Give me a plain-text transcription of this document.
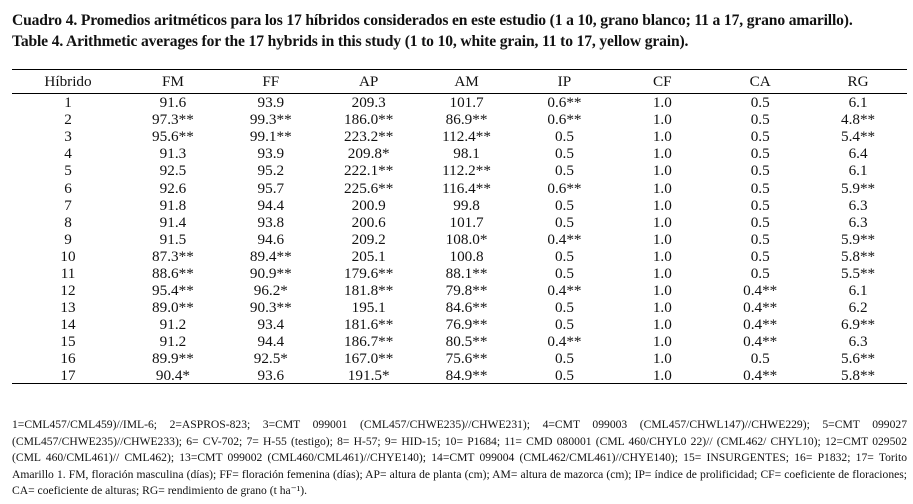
Cuadro 4. Promedios aritméticos para los 17 híbridos considerados en este estudio (1 a 10, grano blanco; 11 a 17, grano amarillo).
Table 4. Arithmetic averages for the 17 hybrids in this study (1 to 10, white grain, 11 to 17, yellow grain).
Híbrido	FM	FF	AP	AM	IP	CF	CA	RG
1	91.6	93.9	209.3	101.7	0.6**	1.0	0.5	6.1
2	97.3**	99.3**	186.0**	86.9**	0.6**	1.0	0.5	4.8**
3	95.6**	99.1**	223.2**	112.4**	0.5	1.0	0.5	5.4**
4	91.3	93.9	209.8*	98.1	0.5	1.0	0.5	6.4
5	92.5	95.2	222.1**	112.2**	0.5	1.0	0.5	6.1
6	92.6	95.7	225.6**	116.4**	0.6**	1.0	0.5	5.9**
7	91.8	94.4	200.9	99.8	0.5	1.0	0.5	6.3
8	91.4	93.8	200.6	101.7	0.5	1.0	0.5	6.3
9	91.5	94.6	209.2	108.0*	0.4**	1.0	0.5	5.9**
10	87.3**	89.4**	205.1	100.8	0.5	1.0	0.5	5.8**
11	88.6**	90.9**	179.6**	88.1**	0.5	1.0	0.5	5.5**
12	95.4**	96.2*	181.8**	79.8**	0.4**	1.0	0.4**	6.1
13	89.0**	90.3**	195.1	84.6**	0.5	1.0	0.4**	6.2
14	91.2	93.4	181.6**	76.9**	0.5	1.0	0.4**	6.9**
15	91.2	94.4	186.7**	80.5**	0.4**	1.0	0.4**	6.3
16	89.9**	92.5*	167.0**	75.6**	0.5	1.0	0.5	5.6**
17	90.4*	93.6	191.5*	84.9**	0.5	1.0	0.4**	5.8**
1=CML457/CML459)//IML-6; 2=ASPROS-823; 3=CMT 099001 (CML457/CHWE235)//CHWE231); 4=CMT 099003 (CML457/CHWL147)//CHWE229); 5=CMT 099027 (CML457/CHWE235)//CHWE233); 6= CV-702; 7= H-55 (testigo); 8= H-57; 9= HID-15; 10= P1684; 11= CMD 080001 (CML 460/CHYL0 22)// (CML462/ CHYL10); 12=CMT 029502 (CML 460/CML461)// CML462); 13=CMT 099002 (CML460/CML461)//CHYE140); 14=CMT 099004 (CML462/CML461)//CHYE140); 15= INSURGENTES; 16= P1832; 17= Torito Amarillo 1. FM, floración masculina (días); FF= floración femenina (días); AP= altura de planta (cm); AM= altura de mazorca (cm); IP= índice de prolificidad; CF= coeficiente de floraciones; CA= coeficiente de alturas; RG= rendimiento de grano (t ha⁻¹).
